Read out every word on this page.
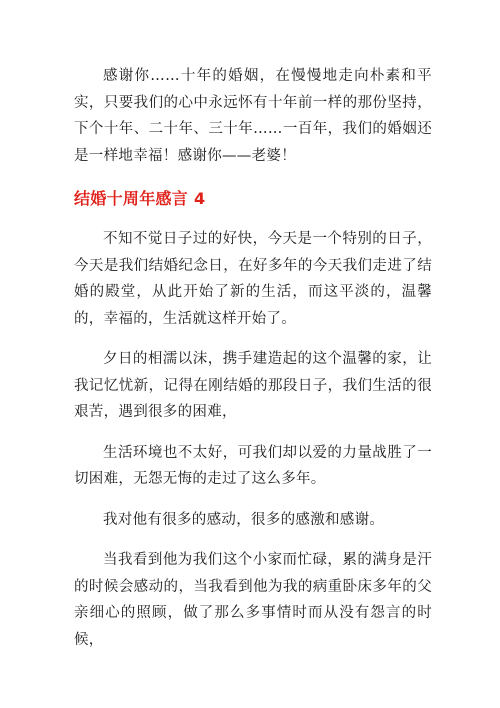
感谢你……十年的婚姻，在慢慢地走向朴素和平实，只要我们的心中永远怀有十年前一样的那份坚持，下个十年、二十年、三十年……一百年，我们的婚姻还是一样地幸福！感谢你——老婆！

结婚十周年感言 4

不知不觉日子过的好快，今天是一个特别的日子，今天是我们结婚纪念日，在好多年的今天我们走进了结婚的殿堂，从此开始了新的生活，而这平淡的，温馨的，幸福的，生活就这样开始了。

夕日的相濡以沫，携手建造起的这个温馨的家，让我记忆忧新，记得在刚结婚的那段日子，我们生活的很艰苦，遇到很多的困难，

生活环境也不太好，可我们却以爱的力量战胜了一切困难，无怨无悔的走过了这么多年。

我对他有很多的感动，很多的感激和感谢。

当我看到他为我们这个小家而忙碌，累的满身是汗的时候会感动的，当我看到他为我的病重卧床多年的父亲细心的照顾，做了那么多事情时而从没有怨言的时候，
